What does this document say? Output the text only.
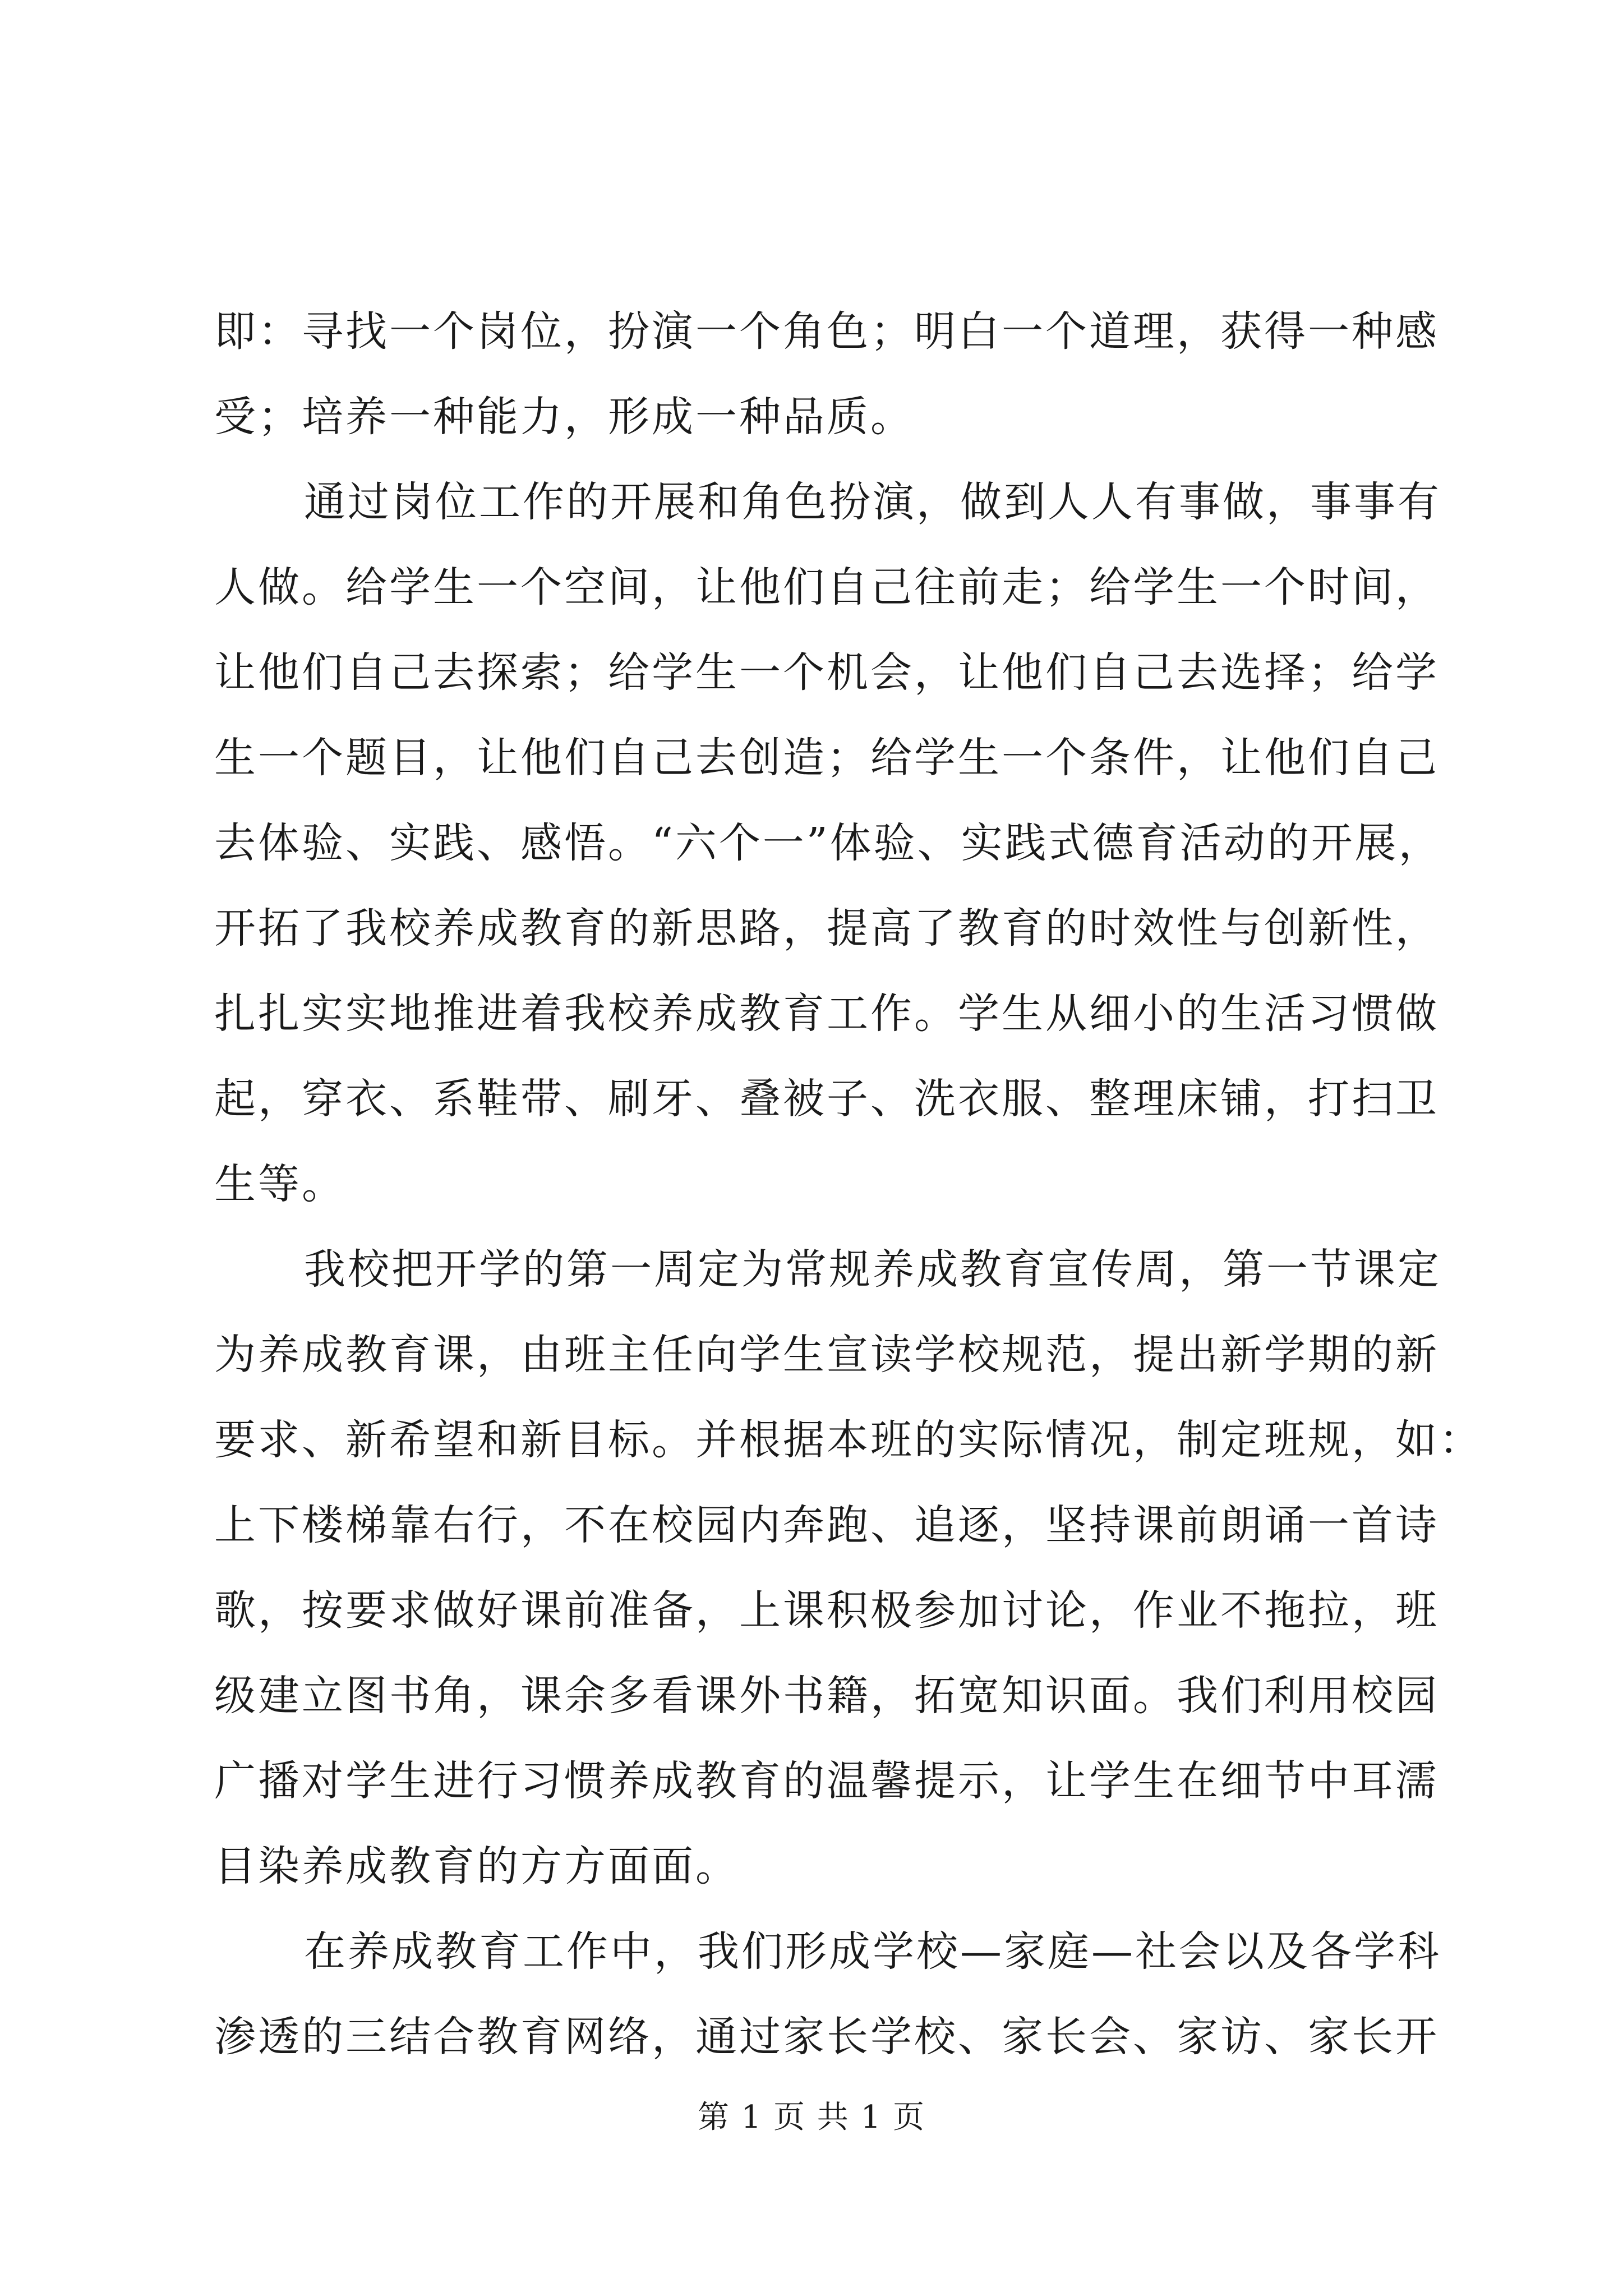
即：寻找一个岗位，扮演一个角色；明白一个道理，获得一种感
受；培养一种能力，形成一种品质。
通过岗位工作的开展和角色扮演，做到人人有事做，事事有
人做。给学生一个空间，让他们自己往前走；给学生一个时间，
让他们自己去探索；给学生一个机会，让他们自己去选择；给学
生一个题目，让他们自己去创造；给学生一个条件，让他们自己
去体验、实践、感悟。“六个一”体验、实践式德育活动的开展，
开拓了我校养成教育的新思路，提高了教育的时效性与创新性，
扎扎实实地推进着我校养成教育工作。学生从细小的生活习惯做
起，穿衣、系鞋带、刷牙、叠被子、洗衣服、整理床铺，打扫卫
生等。
我校把开学的第一周定为常规养成教育宣传周，第一节课定
为养成教育课，由班主任向学生宣读学校规范，提出新学期的新
要求、新希望和新目标。并根据本班的实际情况，制定班规，如：
上下楼梯靠右行，不在校园内奔跑、追逐，坚持课前朗诵一首诗
歌，按要求做好课前准备，上课积极参加讨论，作业不拖拉，班
级建立图书角，课余多看课外书籍，拓宽知识面。我们利用校园
广播对学生进行习惯养成教育的温馨提示，让学生在细节中耳濡
目染养成教育的方方面面。
在养成教育工作中，我们形成学校—家庭—社会以及各学科
渗透的三结合教育网络，通过家长学校、家长会、家访、家长开
第 1 页 共 1 页
